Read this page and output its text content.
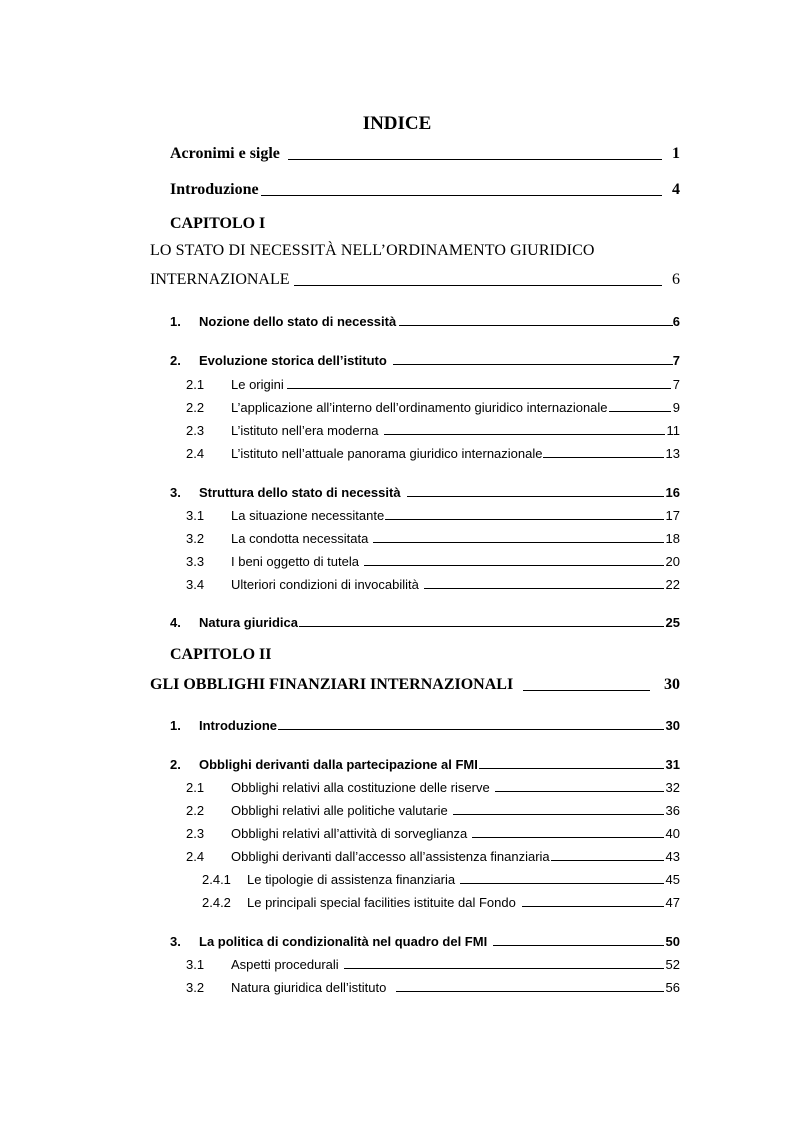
INDICE
Acronimi e sigle	1
Introduzione	4
CAPITOLO I
LO STATO DI NECESSITÀ NELL’ORDINAMENTO GIURIDICO
INTERNAZIONALE	6
1.	Nozione dello stato di necessità	6
2.	Evoluzione storica dell’istituto	7
2.1	Le origini	7
2.2	L’applicazione all’interno dell’ordinamento giuridico internazionale	9
2.3	L’istituto nell’era moderna	11
2.4	L’istituto nell’attuale panorama giuridico internazionale	13
3.	Struttura dello stato di necessità	16
3.1	La situazione necessitante	17
3.2	La condotta necessitata	18
3.3	I beni oggetto di tutela	20
3.4	Ulteriori condizioni di invocabilità	22
4.	Natura giuridica	25
CAPITOLO II
GLI OBBLIGHI FINANZIARI INTERNAZIONALI	30
1.	Introduzione	30
2.	Obblighi derivanti dalla partecipazione al FMI	31
2.1	Obblighi relativi alla costituzione delle riserve	32
2.2	Obblighi relativi alle politiche valutarie	36
2.3	Obblighi relativi all’attività di sorveglianza	40
2.4	Obblighi derivanti dall’accesso all’assistenza finanziaria	43
2.4.1	Le tipologie di assistenza finanziaria	45
2.4.2	Le principali special facilities istituite dal Fondo	47
3.	La politica di condizionalità nel quadro del FMI	50
3.1	Aspetti procedurali	52
3.2	Natura giuridica dell’istituto	56
